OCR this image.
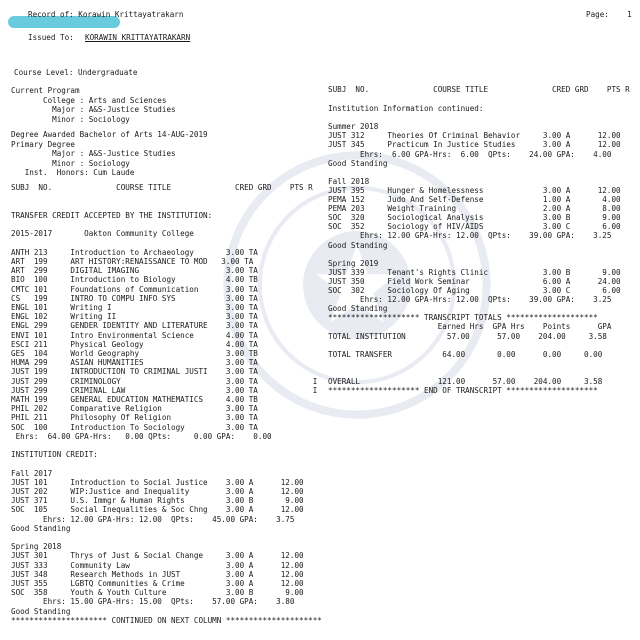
Record of: Korawin Krittayatrakarn	Page:    1
Issued To: KORAWIN KRITTAYATRAKARN
Course Level: Undergraduate
Current Program
College : Arts and Sciences
Major : A&S-Justice Studies
Minor : Sociology
Degree Awarded Bachelor of Arts 14-AUG-2019
Primary Degree
Major : A&S-Justice Studies
Minor : Sociology
Inst.  Honors: Cum Laude
SUBJ  NO.              COURSE TITLE              CRED GRD    PTS R
SUBJ  NO.              COURSE TITLE              CRED GRD    PTS R
TRANSFER CREDIT ACCEPTED BY THE INSTITUTION:
2015-2017       Oakton Community College
ANTH 213     Introduction to Archaeology       3.00 TA
ART  199     ART HISTORY:RENAISSANCE TO MOD   3.00 TA
ART  299     DIGITAL IMAGING                   3.00 TA
BIO  100     Introduction to Biology           4.00 TB
CMTC 101     Foundations of Communication      3.00 TA
CS   199     INTRO TO COMPU INFO SYS           3.00 TA
ENGL 101     Writing I                         3.00 TA
ENGL 102     Writing II                        3.00 TA
ENGL 299     GENDER IDENTITY AND LITERATURE    3.00 TA
ENVI 101     Intro Environmental Science       4.00 TA
ESCI 211     Physical Geology                  4.00 TA
GES  104     World Geography                   3.00 TB
HUMA 299     ASIAN HUMANITIES                  3.00 TA
JUST 199     INTRODUCTION TO CRIMINAL JUSTI    3.00 TA
JUST 299     CRIMINOLOGY                       3.00 TA            I
JUST 299     CRIMINAL LAW                      3.00 TA            I
MATH 199     GENERAL EDUCATION MATHEMATICS     4.00 TB
PHIL 202     Comparative Religion              3.00 TA
PHIL 211     Philosophy Of Religion            3.00 TA
SOC  100     Introduction To Sociology         3.00 TA
Ehrs:  64.00 GPA-Hrs:   0.00 QPts:     0.00 GPA:    0.00
INSTITUTION CREDIT:
Fall 2017
JUST 101     Introduction to Social Justice    3.00 A      12.00
JUST 202     WIP:Justice and Inequality        3.00 A      12.00
JUST 371     U.S. Immgr & Human Rights         3.00 B       9.00
SOC  105     Social Inequalities & Soc Chng    3.00 A      12.00
Ehrs: 12.00 GPA-Hrs: 12.00  QPts:    45.00 GPA:    3.75
Good Standing
Spring 2018
JUST 301     Thrys of Just & Social Change     3.00 A      12.00
JUST 333     Community Law                     3.00 A      12.00
JUST 348     Research Methods in JUST          3.00 A      12.00
JUST 355     LGBTQ Communities & Crime         3.00 A      12.00
SOC  358     Youth & Youth Culture             3.00 B       9.00
Ehrs: 15.00 GPA-Hrs: 15.00  QPts:    57.00 GPA:    3.80
Good Standing
********************* CONTINUED ON NEXT COLUMN *********************
Institution Information continued:
Summer 2018
JUST 312     Theories Of Criminal Behavior     3.00 A      12.00
JUST 345     Practicum In Justice Studies      3.00 A      12.00
Ehrs:  6.00 GPA-Hrs:  6.00  QPts:    24.00 GPA:    4.00
Good Standing
Fall 2018
JUST 395     Hunger & Homelessness             3.00 A      12.00
PEMA 152     Judo And Self-Defense             1.00 A       4.00
PEMA 203     Weight Training                   2.00 A       8.00
SOC  320     Sociological Analysis             3.00 B       9.00
SOC  352     Sociology of HIV/AIDS             3.00 C       6.00
Ehrs: 12.00 GPA-Hrs: 12.00  QPts:    39.00 GPA:    3.25
Good Standing
Spring 2019
JUST 339     Tenant's Rights Clinic            3.00 B       9.00
JUST 350     Field Work Seminar                6.00 A      24.00
SOC  302     Sociology Of Aging                3.00 C       6.00
Ehrs: 12.00 GPA-Hrs: 12.00  QPts:    39.00 GPA:    3.25
Good Standing
******************** TRANSCRIPT TOTALS ********************
Earned Hrs  GPA Hrs    Points      GPA
TOTAL INSTITUTION         57.00      57.00    204.00     3.58
TOTAL TRANSFER           64.00       0.00      0.00     0.00
OVERALL                 121.00      57.00    204.00     3.58
******************** END OF TRANSCRIPT ********************
